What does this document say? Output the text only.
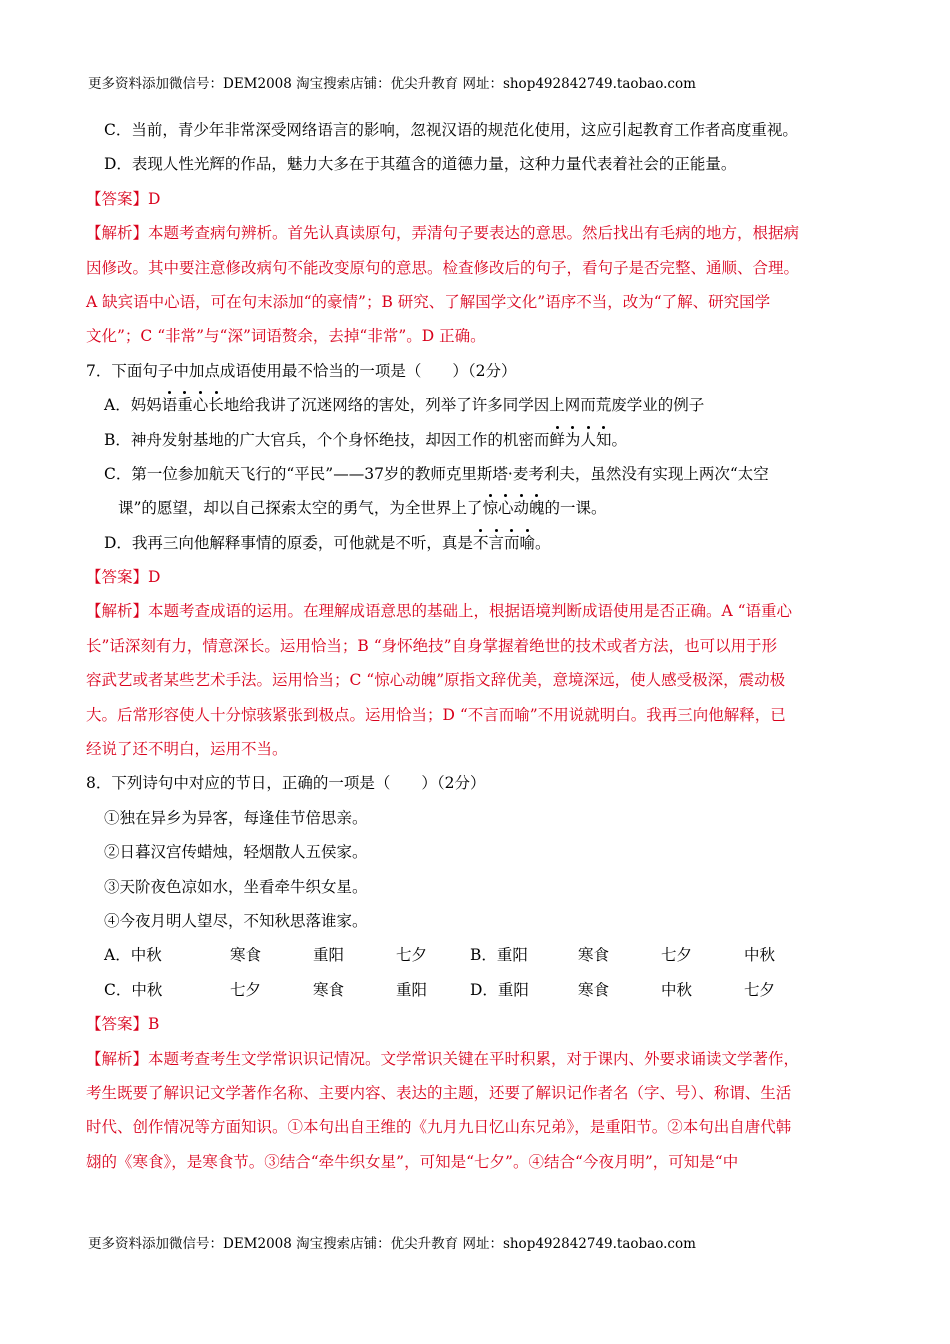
更多资料添加微信号：DEM2008 淘宝搜索店铺：优尖升教育 网址：shop492842749.taobao.com
C．当前，青少年非常深受网络语言的影响，忽视汉语的规范化使用，这应引起教育工作者高度重视。
D．表现人性光辉的作品，魅力大多在于其蕴含的道德力量，这种力量代表着社会的正能量。
【答案】D
【解析】本题考查病句辨析。首先认真读原句，弄清句子要表达的意思。然后找出有毛病的地方，根据病
因修改。其中要注意修改病句不能改变原句的意思。检查修改后的句子，看句子是否完整、通顺、合理。
A 缺宾语中心语，可在句末添加“的豪情”；B 研究、了解国学文化”语序不当，改为“了解、研究国学
文化”；C “非常”与“深”词语赘余，去掉“非常”。D 正确。
7．下面句子中加点成语使用最不恰当的一项是（　　）（2分）
A．妈妈语重心长地给我讲了沉迷网络的害处，列举了许多同学因上网而荒废学业的例子
B．神舟发射基地的广大官兵，个个身怀绝技，却因工作的机密而鲜为人知。
C．第一位参加航天飞行的“平民”——37岁的教师克里斯塔·麦考利夫，虽然没有实现上两次“太空
课”的愿望，却以自己探索太空的勇气，为全世界上了惊心动魄的一课。
D．我再三向他解释事情的原委，可他就是不听，真是不言而喻。
【答案】D
【解析】本题考查成语的运用。在理解成语意思的基础上，根据语境判断成语使用是否正确。A “语重心
长”话深刻有力，情意深长。运用恰当；B “身怀绝技”自身掌握着绝世的技术或者方法，也可以用于形
容武艺或者某些艺术手法。运用恰当；C “惊心动魄”原指文辞优美，意境深远，使人感受极深，震动极
大。后常形容使人十分惊骇紧张到极点。运用恰当；D “不言而喻”不用说就明白。我再三向他解释，已
经说了还不明白，运用不当。
8．下列诗句中对应的节日，正确的一项是（　　）（2分）
①独在异乡为异客，每逢佳节倍思亲。
②日暮汉宫传蜡烛，轻烟散人五侯家。
③天阶夜色凉如水，坐看牵牛织女星。
④今夜月明人望尽，不知秋思落谁家。
A．中秋	寒食	重阳	七夕	B．重阳	寒食	七夕	中秋
C．中秋	七夕	寒食	重阳	D．重阳	寒食	中秋	七夕
【答案】B
【解析】本题考查考生文学常识识记情况。文学常识关键在平时积累，对于课内、外要求诵读文学著作，
考生既要了解识记文学著作名称、主要内容、表达的主题，还要了解识记作者名（字、号）、称谓、生活
时代、创作情况等方面知识。①本句出自王维的《九月九日忆山东兄弟》，是重阳节。②本句出自唐代韩
翃的《寒食》，是寒食节。③结合“牵牛织女星”，可知是“七夕”。④结合“今夜月明”，可知是“中
更多资料添加微信号：DEM2008 淘宝搜索店铺：优尖升教育 网址：shop492842749.taobao.com
